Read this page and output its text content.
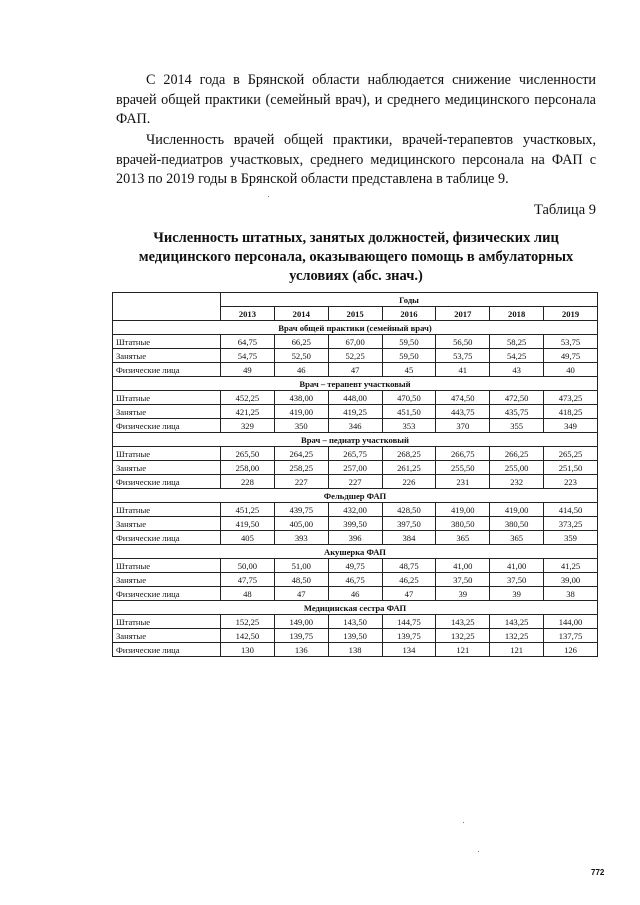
С 2014 года в Брянской области наблюдается снижение численности врачей общей практики (семейный врач), и среднего медицинского персонала ФАП.

Численность врачей общей практики, врачей-терапевтов участковых, врачей-педиатров участковых, среднего медицинского персонала на ФАП с 2013 по 2019 годы в Брянской области представлена в таблице 9.

Таблица 9

Численность штатных, занятых должностей, физических лиц медицинского персонала, оказывающего помощь в амбулаторных условиях (абс. знач.)

	Годы						
	2013	2014	2015	2016	2017	2018	2019
Врач общей практики (семейный врач)							
Штатные	64,75	66,25	67,00	59,50	56,50	58,25	53,75
Занятые	54,75	52,50	52,25	59,50	53,75	54,25	49,75
Физические лица	49	46	47	45	41	43	40
Врач – терапевт участковый							
Штатные	452,25	438,00	448,00	470,50	474,50	472,50	473,25
Занятые	421,25	419,00	419,25	451,50	443,75	435,75	418,25
Физические лица	329	350	346	353	370	355	349
Врач – педиатр участковый							
Штатные	265,50	264,25	265,75	268,25	266,75	266,25	265,25
Занятые	258,00	258,25	257,00	261,25	255,50	255,00	251,50
Физические лица	228	227	227	226	231	232	223
Фельдшер ФАП							
Штатные	451,25	439,75	432,00	428,50	419,00	419,00	414,50
Занятые	419,50	405,00	399,50	397,50	380,50	380,50	373,25
Физические лица	405	393	396	384	365	365	359
Акушерка ФАП							
Штатные	50,00	51,00	49,75	48,75	41,00	41,00	41,25
Занятые	47,75	48,50	46,75	46,25	37,50	37,50	39,00
Физические лица	48	47	46	47	39	39	38
Медицинская сестра ФАП							
Штатные	152,25	149,00	143,50	144,75	143,25	143,25	144,00
Занятые	142,50	139,75	139,50	139,75	132,25	132,25	137,75
Физические лица	130	136	138	134	121	121	126
772
